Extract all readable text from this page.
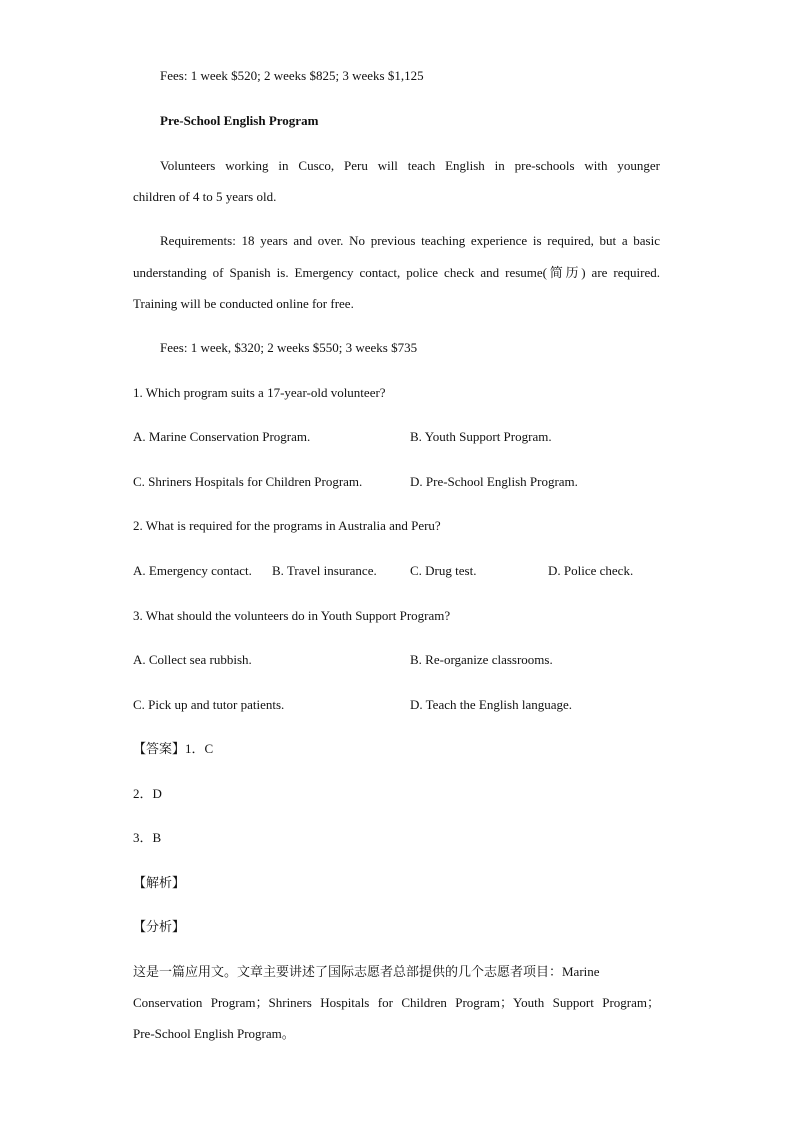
Fees: 1 week $520; 2 weeks $825; 3 weeks $1,125
Pre-School English Program
Volunteers working in Cusco, Peru will teach English in pre-schools with younger
children of 4 to 5 years old.
Requirements: 18 years and over. No previous teaching experience is required, but a basic
understanding of Spanish is. Emergency contact, police check and resume(简历) are required.
Training will be conducted online for free.
Fees: 1 week, $320; 2 weeks $550; 3 weeks $735
1. Which program suits a 17-year-old volunteer?
A. Marine Conservation Program.	B. Youth Support Program.
C. Shriners Hospitals for Children Program.	D. Pre-School English Program.
2. What is required for the programs in Australia and Peru?
A. Emergency contact. B. Travel insurance.	C. Drug test.	D. Police check.
3. What should the volunteers do in Youth Support Program?
A. Collect sea rubbish.	B. Re-organize classrooms.
C. Pick up and tutor patients.	D. Teach the English language.
【答案】1．C
2．D
3．B
【解析】
【分析】
这是一篇应用文。文章主要讲述了国际志愿者总部提供的几个志愿者项目：Marine
Conservation Program；Shriners Hospitals for Children Program；Youth Support Program；
Pre-School English Program。
